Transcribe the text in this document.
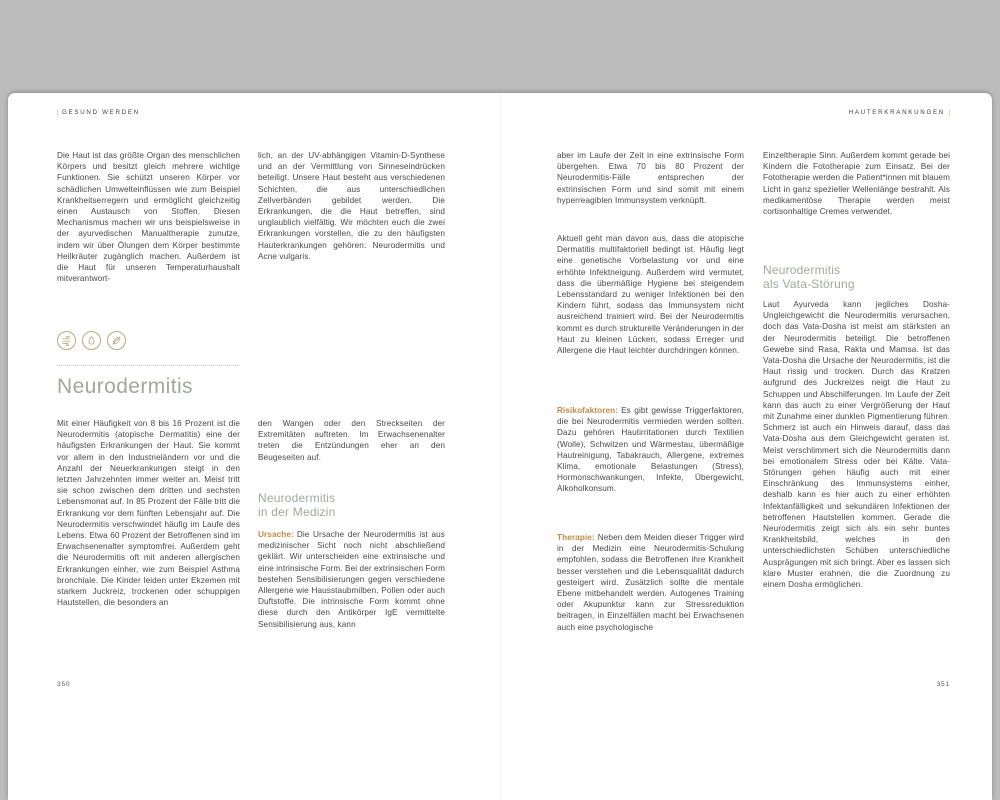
| GESUND WERDEN	HAUTERKRANKUNGEN |
Die Haut ist das größte Organ des menschlichen Körpers und besitzt gleich mehrere wichtige Funktionen. Sie schützt unseren Körper vor schädlichen Umwelteinflüssen wie zum Beispiel Krankheitserregern und ermöglicht gleichzeitig einen Austausch von Stoffen. Diesen Mechanismus machen wir uns beispielsweise in der ayurvedischen Manualtherapie zunutze, indem wir über Ölungen dem Körper bestimmte Heilkräuter zugänglich machen. Außerdem ist die Haut für unseren Temperaturhaushalt mitverantwort-
Neurodermitis
Mit einer Häufigkeit von 8 bis 16 Prozent ist die Neurodermitis (atopische Dermatitis) eine der häufigsten Erkrankungen der Haut. Sie kommt vor allem in den Industrieländern vor und die Anzahl der Neuerkrankungen steigt in den letzten Jahrzehnten immer weiter an. Meist tritt sie schon zwischen dem dritten und sechsten Lebensmonat auf. In 85 Prozent der Fälle tritt die Erkrankung vor dem fünften Lebensjahr auf. Die Neurodermitis verschwindet häufig im Laufe des Lebens. Etwa 60 Prozent der Betroffenen sind im Erwachsenenalter symptomfrei. Außerdem geht die Neurodermitis oft mit anderen allergischen Erkrankungen einher, wie zum Beispiel Asthma bronchiale. Die Kinder leiden unter Ekzemen mit starkem Juckreiz, trockenen oder schuppigen Hautstellen, die besonders an
lich, an der UV-abhängigen Vitamin-D-Synthese und an der Vermittlung von Sinneseindrücken beteiligt. Unsere Haut besteht aus verschiedenen Schichten, die aus unterschiedlichen Zellverbänden gebildet werden. Die Erkrankungen, die die Haut betreffen, sind unglaublich vielfältig. Wir möchten euch die zwei Erkrankungen vorstellen, die zu den häufigsten Hauterkrankungen gehören: Neurodermitis und Acne vulgaris.
den Wangen oder den Streckseiten der Extremitäten auftreten. Im Erwachsenenalter treten die Entzündungen eher an den Beugeseiten auf.
Neurodermitis
in der Medizin
Ursache: Die Ursache der Neurodermitis ist aus medizinischer Sicht noch nicht abschließend geklärt. Wir unterscheiden eine extrinsische und eine intrinsische Form. Bei der extrinsischen Form bestehen Sensibilisierungen gegen verschiedene Allergene wie Hausstaubmilben, Pollen oder auch Duftstoffe. Die intrinsische Form kommt ohne diese durch den Antikörper IgE vermittelte Sensibilisierung aus, kann
aber im Laufe der Zeit in eine extrinsische Form übergehen. Etwa 70 bis 80 Prozent der Neurodermitis-Fälle entsprechen der extrinsischen Form und sind somit mit einem hyperreagiblen Immunsystem verknüpft.
Aktuell geht man davon aus, dass die atopische Dermatitis multifaktoriell bedingt ist. Häufig liegt eine genetische Vorbelastung vor und eine erhöhte Infektneigung. Außerdem wird vermutet, dass die übermäßige Hygiene bei steigendem Lebensstandard zu weniger Infektionen bei den Kindern führt, sodass das Immunsystem nicht ausreichend trainiert wird. Bei der Neurodermitis kommt es durch strukturelle Veränderungen in der Haut zu kleinen Lücken, sodass Erreger und Allergene die Haut leichter durchdringen können.
Risikofaktoren: Es gibt gewisse Triggerfaktoren, die bei Neurodermitis vermieden werden sollten. Dazu gehören Hautirritationen durch Textilien (Wolle), Schwitzen und Wärmestau, übermäßige Hautreinigung, Tabakrauch, Allergene, extremes Klima, emotionale Belastungen (Stress), Hormonschwankungen, Infekte, Übergewicht, Alkoholkonsum.
Therapie: Neben dem Meiden dieser Trigger wird in der Medizin eine Neurodermitis-Schulung empfohlen, sodass die Betroffenen ihre Krankheit besser verstehen und die Lebensqualität dadurch gesteigert wird. Zusätzlich sollte die mentale Ebene mitbehandelt werden. Autogenes Training oder Akupunktur kann zur Stressreduktion beitragen, in Einzelfällen macht bei Erwachsenen auch eine psychologische
Einzeltherapie Sinn. Außerdem kommt gerade bei Kindern die Fototherapie zum Einsatz. Bei der Fototherapie werden die Patient*innen mit blauem Licht in ganz spezieller Wellenlänge bestrahlt. Als medikamentöse Therapie werden meist cortisonhaltige Cremes verwendet.
Neurodermitis
als Vata-Störung
Laut Ayurveda kann jegliches Dosha-Ungleichgewicht die Neurodermitis verursachen, doch das Vata-Dosha ist meist am stärksten an der Neurodermitis beteiligt. Die betroffenen Gewebe sind Rasa, Rakta und Mamsa. Ist das Vata-Dosha die Ursache der Neurodermitis, ist die Haut rissig und trocken. Durch das Kratzen aufgrund des Juckreizes neigt die Haut zu Schuppen und Abschilferungen. Im Laufe der Zeit kann das auch zu einer Vergrößerung der Haut mit Zunahme einer dunklen Pigmentierung führen. Schmerz ist auch ein Hinweis darauf, dass das Vata-Dosha aus dem Gleichgewicht geraten ist. Meist verschlimmert sich die Neurodermitis dann bei emotionalem Stress oder bei Kälte. Vata-Störungen gehen häufig auch mit einer Einschränkung des Immunsystems einher, deshalb kann es hier auch zu einer erhöhten Infektanfälligkeit und sekundären Infektionen der betroffenen Hautstellen kommen. Gerade die Neurodermitis zeigt sich als ein sehr buntes Krankheitsbild, welches in den unterschiedlichsten Schüben unterschiedliche Ausprägungen mit sich bringt. Aber es lassen sich klare Muster erahnen, die die Zuordnung zu einem Dosha ermöglichen.
350	351
